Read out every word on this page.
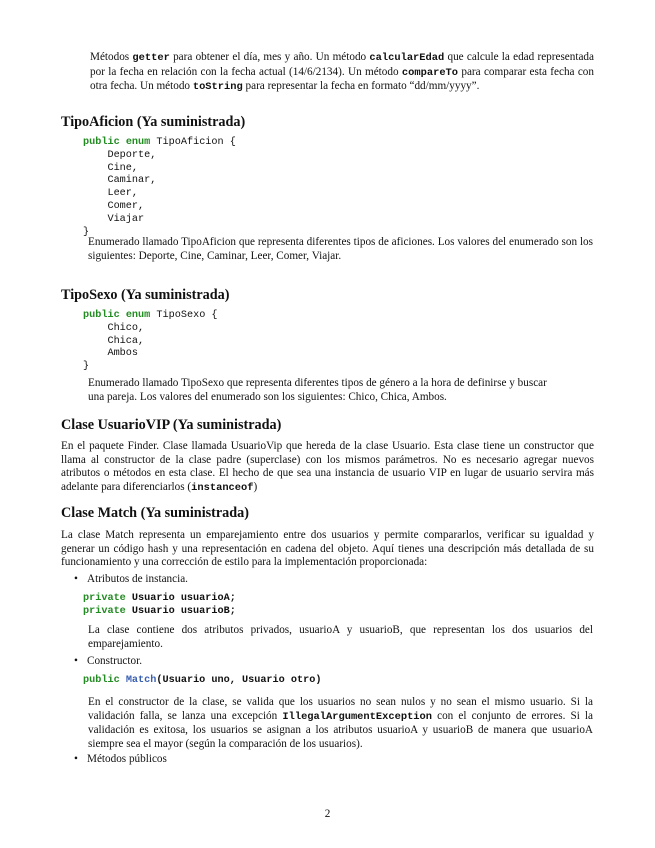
Métodos getter para obtener el día, mes y año. Un método calcularEdad que calcule la edad representada por la fecha en relación con la fecha actual (14/6/2134). Un método compareTo para comparar esta fecha con otra fecha. Un método toString para representar la fecha en formato “dd/mm/yyyy”.
TipoAficion (Ya suministrada)
public enum TipoAficion {
Deporte,
Cine,
Caminar,
Leer,
Comer,
Viajar
}
Enumerado llamado TipoAficion que representa diferentes tipos de aficiones. Los valores del enumerado son los siguientes: Deporte, Cine, Caminar, Leer, Comer, Viajar.
TipoSexo (Ya suministrada)
public enum TipoSexo {
Chico,
Chica,
Ambos
}
Enumerado llamado TipoSexo que representa diferentes tipos de género a la hora de definirse y buscar una pareja. Los valores del enumerado son los siguientes: Chico, Chica, Ambos.
Clase UsuarioVIP (Ya suministrada)
En el paquete Finder. Clase llamada UsuarioVip que hereda de la clase Usuario. Esta clase tiene un constructor que llama al constructor de la clase padre (superclase) con los mismos parámetros. No es necesario agregar nuevos atributos o métodos en esta clase. El hecho de que sea una instancia de usuario VIP en lugar de usuario servira más adelante para diferenciarlos (instanceof)
Clase Match (Ya suministrada)
La clase Match representa un emparejamiento entre dos usuarios y permite compararlos, verificar su igualdad y generar un código hash y una representación en cadena del objeto. Aquí tienes una descripción más detallada de su funcionamiento y una corrección de estilo para la implementación proporcionada:
• Atributos de instancia.
private Usuario usuarioA;
private Usuario usuarioB;
La clase contiene dos atributos privados, usuarioA y usuarioB, que representan los dos usuarios del emparejamiento.
• Constructor.
public Match(Usuario uno, Usuario otro)
En el constructor de la clase, se valida que los usuarios no sean nulos y no sean el mismo usuario. Si la validación falla, se lanza una excepción IllegalArgumentException con el conjunto de errores. Si la validación es exitosa, los usuarios se asignan a los atributos usuarioA y usuarioB de manera que usuarioA siempre sea el mayor (según la comparación de los usuarios).
• Métodos públicos
2
